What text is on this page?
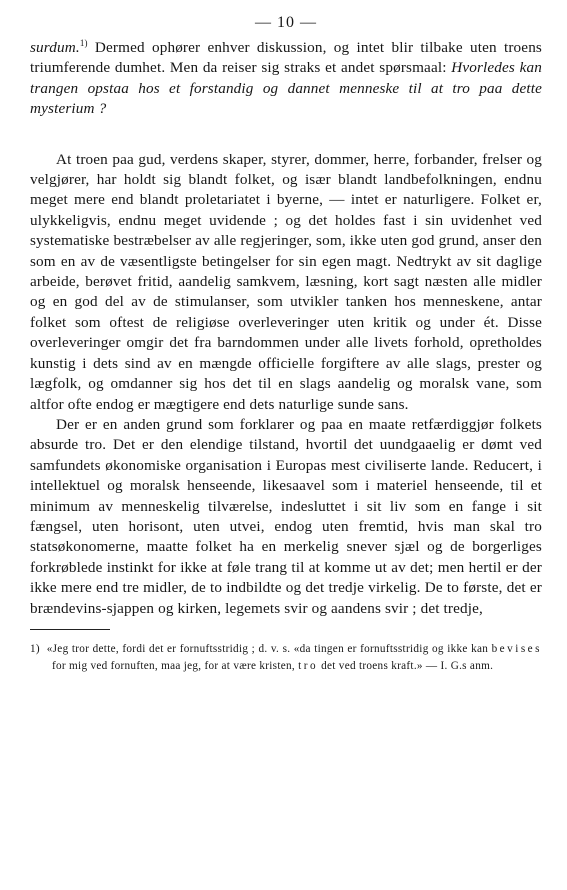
— 10 —

surdum.$^{1)}$ Dermed ophører enhver diskussion, og intet blir tilbake uten troens triumferende dumhet. Men da reiser sig straks et andet spørsmaal: Hvorledes kan trangen opstaa hos et forstandig og dannet menneske til at tro paa dette mysterium ?

At troen paa gud, verdens skaper, styrer, dommer, herre, forbander, frelser og velgjører, har holdt sig blandt folket, og især blandt landbefolkningen, endnu meget mere end blandt proletariatet i byerne, — intet er naturligere. Folket er, ulykkeligvis, endnu meget uvidende ; og det holdes fast i sin uvidenhet ved systematiske bestræbelser av alle regjeringer, som, ikke uten god grund, anser den som en av de væsentligste betingelser for sin egen magt. Nedtrykt av sit daglige arbeide, berøvet fritid, aandelig samkvem, læsning, kort sagt næsten alle midler og en god del av de stimulanser, som utvikler tanken hos menneskene, antar folket som oftest de religiøse overleveringer uten kritik og under ét. Disse overleveringer omgir det fra barndommen under alle livets forhold, opretholdes kunstig i dets sind av en mængde officielle forgiftere av alle slags, prester og lægfolk, og omdanner sig hos det til en slags aandelig og moralsk vane, som altfor ofte endog er mægtigere end dets naturlige sunde sans.

Der er en anden grund som forklarer og paa en maate retfærdiggjør folkets absurde tro. Det er den elendige tilstand, hvortil det uundgaaelig er dømt ved samfundets økonomiske organisation i Europas mest civiliserte lande. Reducert, i intellektuel og moralsk henseende, likesaavel som i materiel henseende, til et minimum av menneskelig tilværelse, indesluttet i sit liv som en fange i sit fængsel, uten horisont, uten utvei, endog uten fremtid, hvis man skal tro statsøkonomerne, maatte folket ha en merkelig snever sjæl og de borgerliges forkrøblede instinkt for ikke at føle trang til at komme ut av det; men hertil er der ikke mere end tre midler, de to indbildte og det tredje virkelig. De to første, det er brændevins-sjappen og kirken, legemets svir og aandens svir ; det tredje,

1) «Jeg tror dette, fordi det er fornuftsstridig ; d. v. s. «da tingen er fornuftsstridig og ikke kan bevises for mig ved fornuften, maa jeg, for at være kristen, tro det ved troens kraft.» — I. G.s anm.
